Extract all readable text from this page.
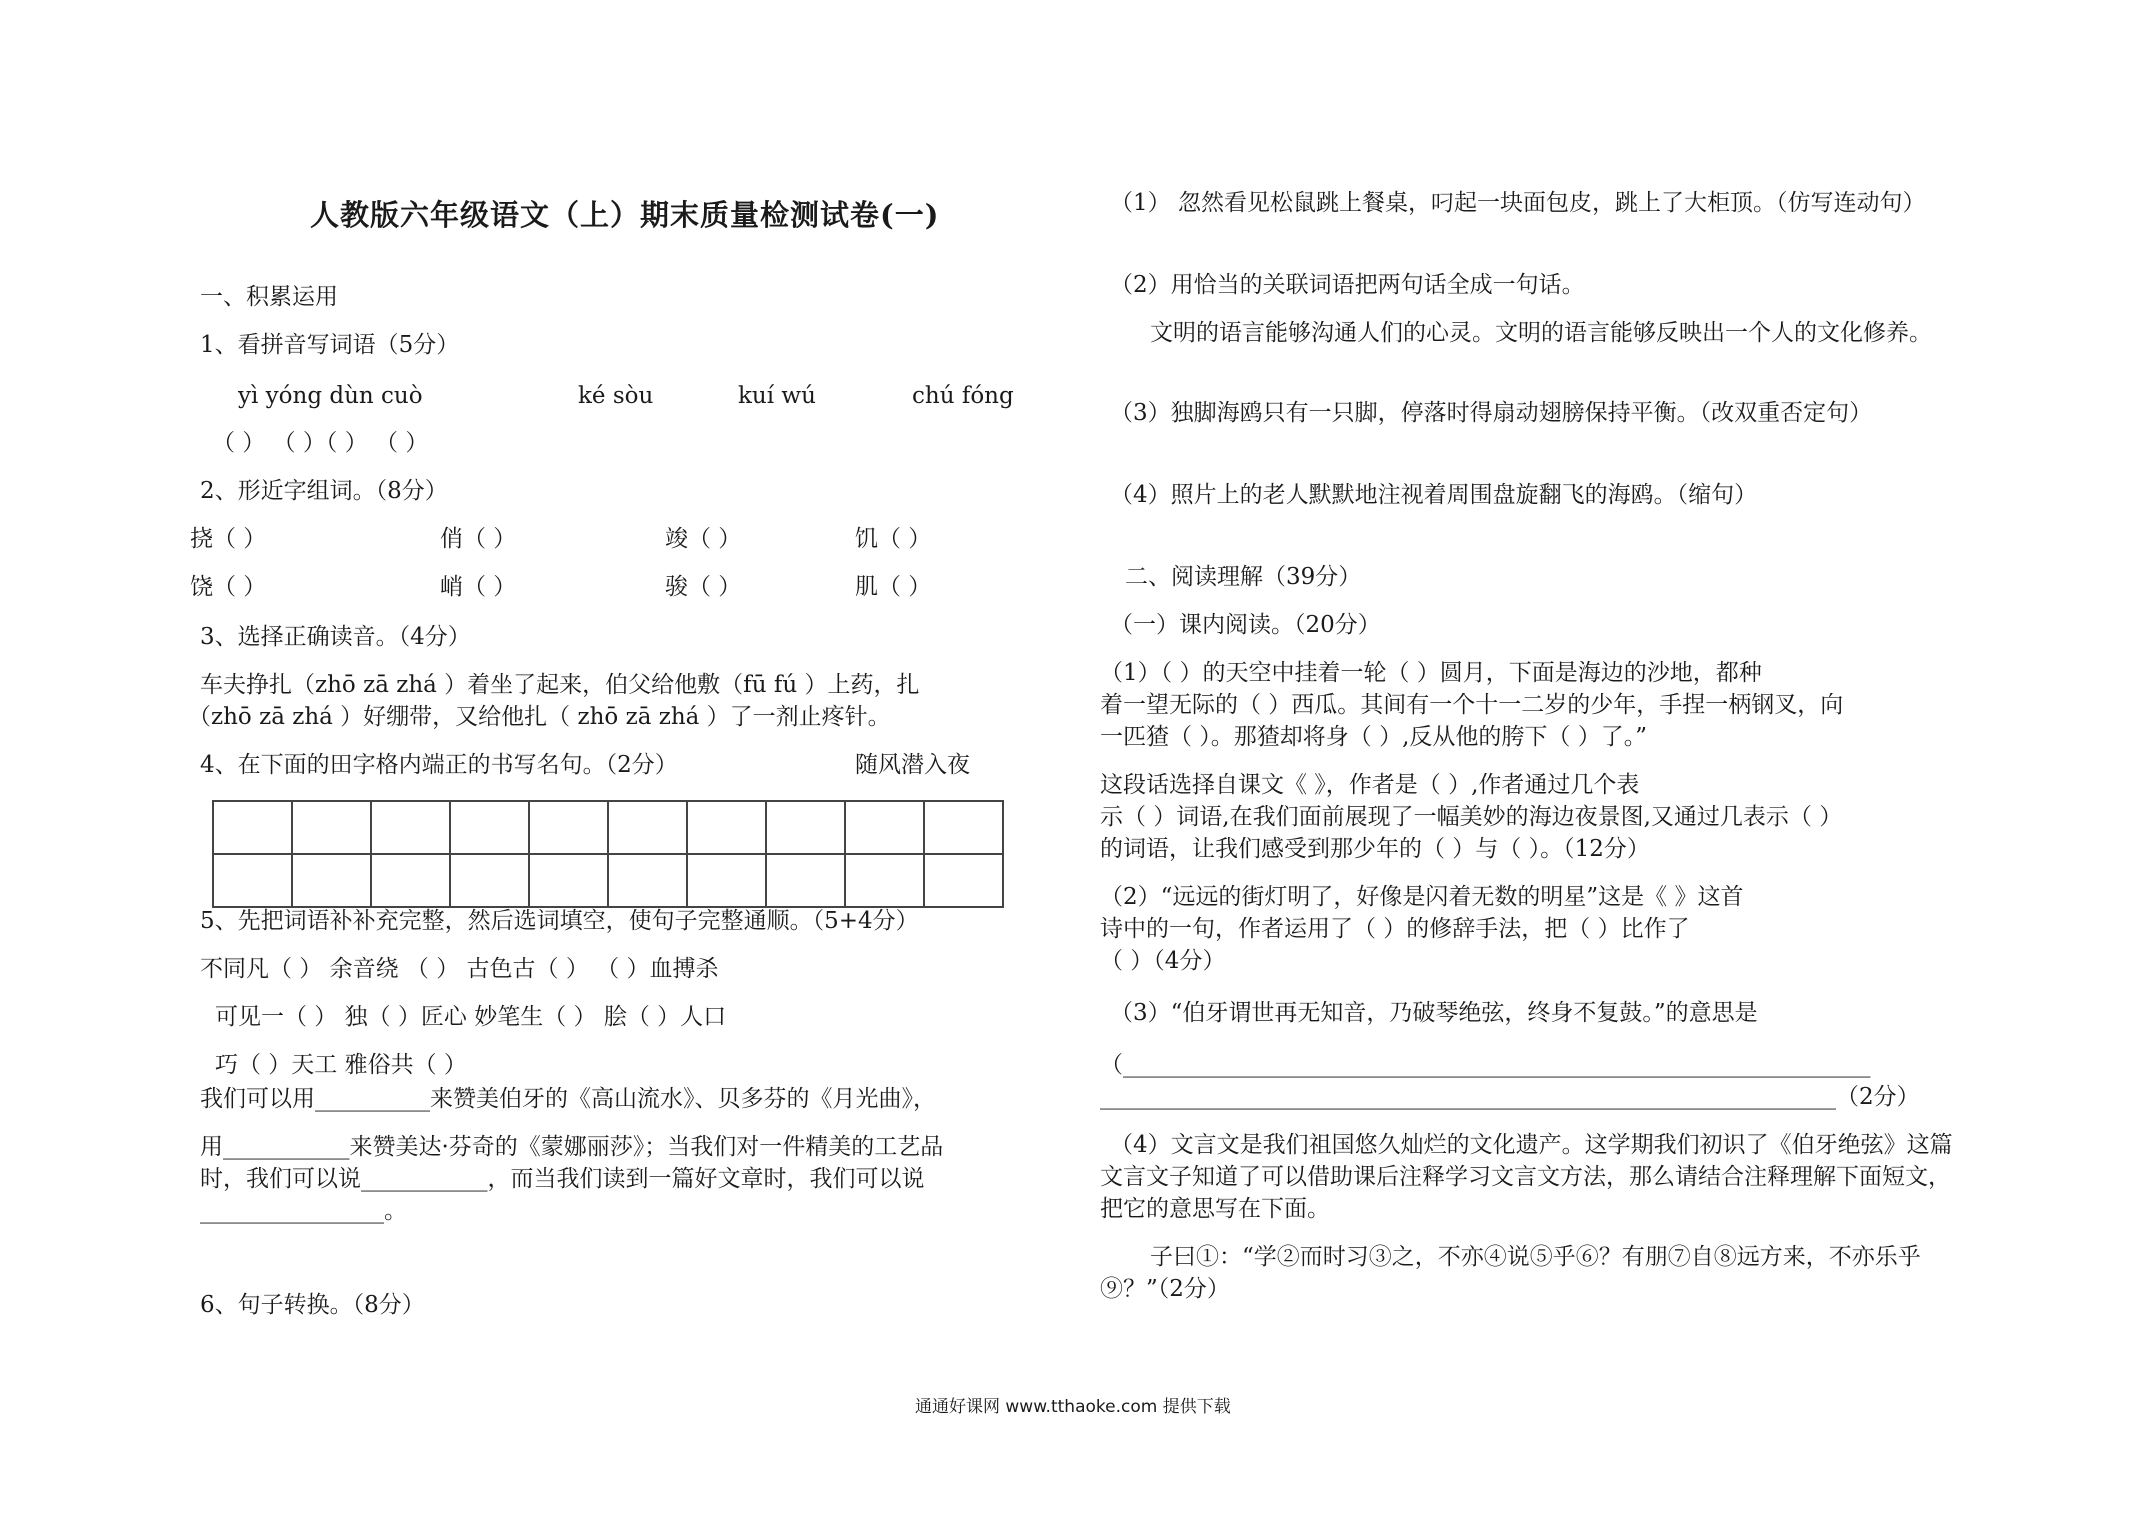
人教版六年级语文（上）期末质量检测试卷(一)
一、积累运用
1、看拼音写词语（5分）
yì yóng dùn cuò	ké sòu	kuí wú	chú fóng
（ ） （ ）（ ） （ ）
2、形近字组词。（8分）
挠（ ）	俏（ ）	竣（ ）	饥（ ）
饶（ ）	峭（ ）	骏（ ）	肌（ ）
3、选择正确读音。（4分）
车夫挣扎（zhō zā zhá ）着坐了起来，伯父给他敷（fū fú ）上药，扎
（zhō zā zhá ）好绷带，又给他扎（ zhō zā zhá ）了一剂止疼针。
4、在下面的田字格内端正的书写名句。（2分）	随风潜入夜

5、先把词语补补充完整，然后选词填空，使句子完整通顺。（5+4分）
不同凡（ ） 余音绕 （ ） 古色古（ ） （ ）血搏杀
可见一（ ） 独（ ）匠心 妙笔生（ ） 脍（ ）人口
巧（ ）天工 雅俗共（ ）
我们可以用__________来赞美伯牙的《高山流水》、贝多芬的《月光曲》，
用___________来赞美达·芬奇的《蒙娜丽莎》；当我们对一件精美的工艺品
时，我们可以说___________，而当我们读到一篇好文章时，我们可以说
________________。
6、句子转换。（8分）
（1） 忽然看见松鼠跳上餐桌，叼起一块面包皮，跳上了大柜顶。（仿写连动句）
（2）用恰当的关联词语把两句话全成一句话。
文明的语言能够沟通人们的心灵。文明的语言能够反映出一个人的文化修养。
（3）独脚海鸥只有一只脚，停落时得扇动翅膀保持平衡。（改双重否定句）
（4）照片上的老人默默地注视着周围盘旋翻飞的海鸥。（缩句）
二、阅读理解（39分）
（一）课内阅读。（20分）
（1）（ ）的天空中挂着一轮（ ）圆月，下面是海边的沙地，都种
着一望无际的（ ）西瓜。其间有一个十一二岁的少年，手捏一柄钢叉，向
一匹猹（ ）。那猹却将身（ ）,反从他的胯下（ ）了。”
这段话选择自课文《 》，作者是（ ）,作者通过几个表
示（ ）词语,在我们面前展现了一幅美妙的海边夜景图,又通过几表示（ ）
的词语，让我们感受到那少年的（ ）与（ ）。（12分）
（2）“远远的街灯明了，好像是闪着无数的明星”这是《 》这首
诗中的一句，作者运用了（ ）的修辞手法，把（ ）比作了
（ ）（4分）
（3）“伯牙谓世再无知音，乃破琴绝弦，终身不复鼓。”的意思是
（_________________________________________________________________
________________________________________________________________（2分）
（4）文言文是我们祖国悠久灿烂的文化遗产。这学期我们初识了《伯牙绝弦》这篇
文言文子知道了可以借助课后注释学习文言文方法，那么请结合注释理解下面短文，
把它的意思写在下面。
子曰①：“学②而时习③之，不亦④说⑤乎⑥？有朋⑦自⑧远方来，不亦乐乎
⑨？”（2分）
通通好课网 www.tthaoke.com 提供下载
